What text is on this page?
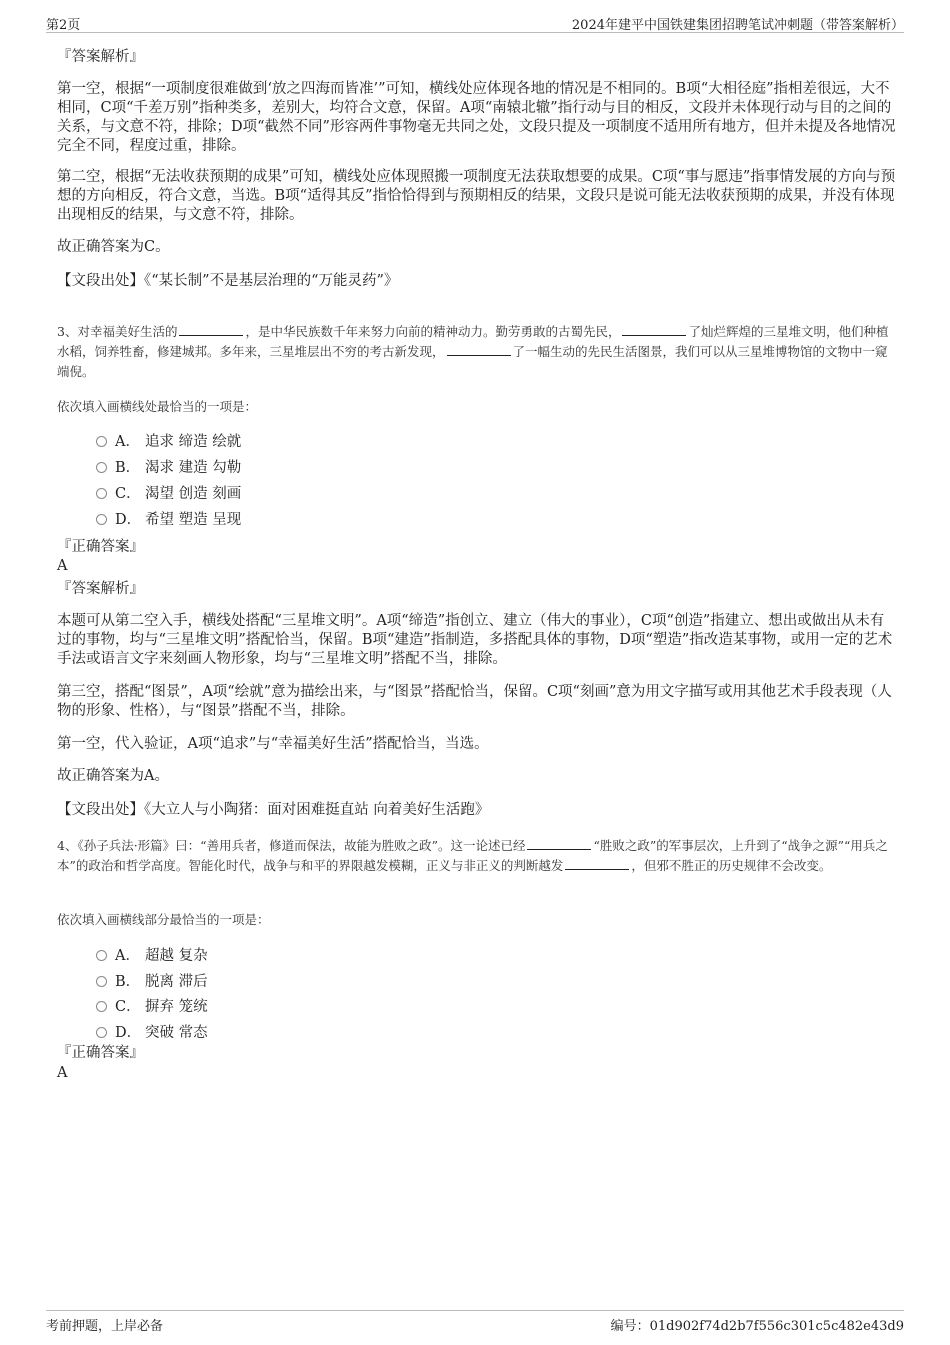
第2页	2024年建平中国铁建集团招聘笔试冲刺题（带答案解析）
『答案解析』
第一空，根据“一项制度很难做到‘放之四海而皆准’”可知，横线处应体现各地的情况是不相同的。B项“大相径庭”指相差很远，大不相同，C项“千差万别”指种类多，差别大，均符合文意，保留。A项“南辕北辙”指行动与目的相反，文段并未体现行动与目的之间的关系，与文意不符，排除；D项“截然不同”形容两件事物毫无共同之处，文段只提及一项制度不适用所有地方，但并未提及各地情况完全不同，程度过重，排除。
第二空，根据“无法收获预期的成果”可知，横线处应体现照搬一项制度无法获取想要的成果。C项“事与愿违”指事情发展的方向与预想的方向相反，符合文意，当选。B项“适得其反”指恰恰得到与预期相反的结果，文段只是说可能无法收获预期的成果，并没有体现出现相反的结果，与文意不符，排除。
故正确答案为C。
【文段出处】《“某长制”不是基层治理的“万能灵药”》
3、对幸福美好生活的	，是中华民族数千年来努力向前的精神动力。勤劳勇敢的古蜀先民，	了灿烂辉煌的三星堆文明，他们种植水稻，饲养牲畜，修建城邦。多年来，三星堆层出不穷的考古新发现，	了一幅生动的先民生活图景，我们可以从三星堆博物馆的文物中一窥端倪。
依次填入画横线处最恰当的一项是：
A． 追求 缔造 绘就
B． 渴求 建造 勾勒
C． 渴望 创造 刻画
D． 希望 塑造 呈现
『正确答案』
A
『答案解析』
本题可从第二空入手，横线处搭配“三星堆文明”。A项“缔造”指创立、建立（伟大的事业），C项“创造”指建立、想出或做出从未有过的事物，均与“三星堆文明”搭配恰当，保留。B项“建造”指制造，多搭配具体的事物，D项“塑造”指改造某事物，或用一定的艺术手法或语言文字来刻画人物形象，均与“三星堆文明”搭配不当，排除。
第三空，搭配“图景”，A项“绘就”意为描绘出来，与“图景”搭配恰当，保留。C项“刻画”意为用文字描写或用其他艺术手段表现（人物的形象、性格），与“图景”搭配不当，排除。
第一空，代入验证，A项“追求”与“幸福美好生活”搭配恰当，当选。
故正确答案为A。
【文段出处】《大立人与小陶猪：面对困难挺直站 向着美好生活跑》
4、《孙子兵法·形篇》曰：“善用兵者，修道而保法，故能为胜败之政”。这一论述已经	“胜败之政”的军事层次，上升到了“战争之源”“用兵之本”的政治和哲学高度。智能化时代，战争与和平的界限越发模糊，正义与非正义的判断越发	，但邪不胜正的历史规律不会改变。
依次填入画横线部分最恰当的一项是：
A． 超越 复杂
B． 脱离 滞后
C． 摒弃 笼统
D． 突破 常态
『正确答案』
A
考前押题，上岸必备	编号：01d902f74d2b7f556c301c5c482e43d9
